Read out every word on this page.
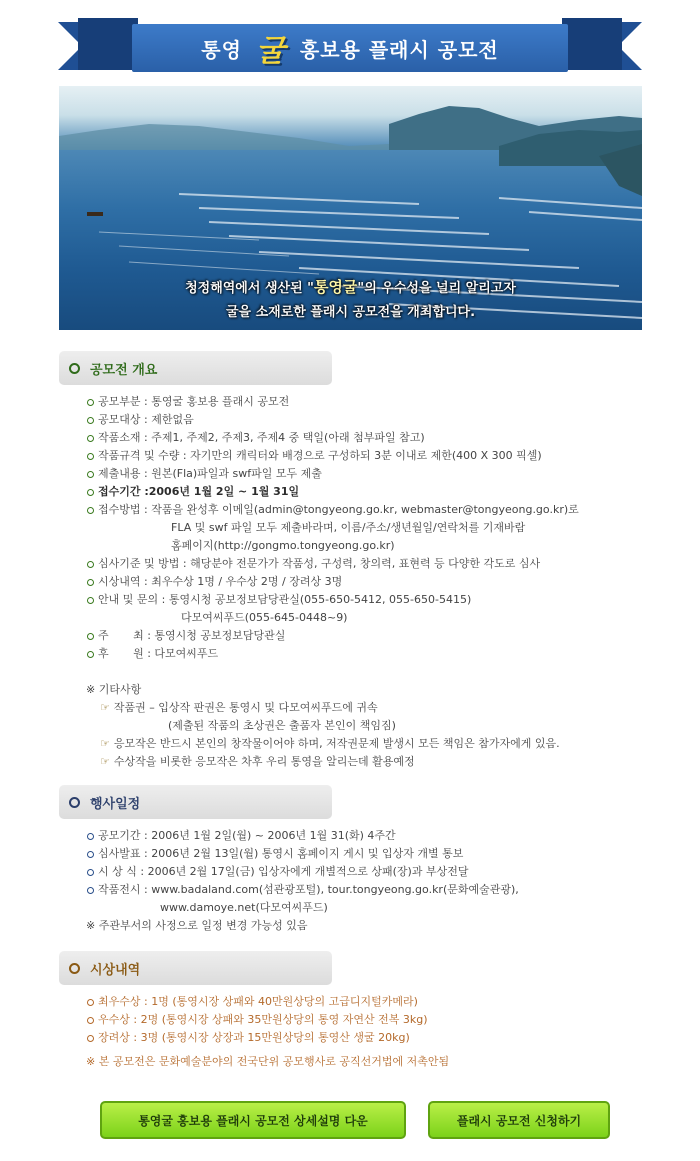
통영 굴 홍보용 플래시 공모전
청정해역에서 생산된 "통영굴"의 우수성을 널리 알리고자
굴을 소재로한 플래시 공모전을 개최합니다.
공모전 개요
공모부분 : 통영굴 홍보용 플래시 공모전
공모대상 : 제한없음
작품소재 : 주제1, 주제2, 주제3, 주제4 중 택일(아래 첨부파일 참고)
작품규격 및 수량 : 자기만의 캐릭터와 배경으로 구성하되 3분 이내로 제한(400 X 300 픽셀)
제출내용 : 원본(Fla)파일과 swf파일 모두 제출
접수기간 : 2006년 1월 2일 ~ 1월 31일
접수방법 : 작품을 완성후 이메일(admin@tongyeong.go.kr, webmaster@tongyeong.go.kr)로
FLA 및 swf 파일 모두 제출바라며, 이름/주소/생년월일/연락처를 기재바람
홈페이지(http://gongmo.tongyeong.go.kr)
심사기준 및 방법 : 해당분야 전문가가 작품성, 구성력, 창의력, 표현력 등 다양한 각도로 심사
시상내역 : 최우수상 1명 / 우수상 2명 / 장려상 3명
안내 및 문의 : 통영시청 공보정보담당관실(055-650-5412, 055-650-5415)
다모여씨푸드(055-645-0448~9)
주       최 : 통영시청 공보정보담당관실
후       원 : 다모여씨푸드
※ 기타사항
☞ 작품권 – 입상작 판권은 통영시 및 다모여씨푸드에 귀속
(제출된 작품의 초상권은 출품자 본인이 책임짐)
☞ 응모작은 반드시 본인의 창작물이어야 하며, 저작권문제 발생시 모든 책임은 참가자에게 있음.
☞ 수상작을 비롯한 응모작은 차후 우리 통영을 알리는데 활용예정
행사일정
공모기간 : 2006년 1월 2일(월) ~ 2006년 1월 31(화) 4주간
심사발표 : 2006년 2월 13일(월) 통영시 홈페이지 게시 및 입상자 개별 통보
시 상 식 : 2006년 2월 17일(금) 입상자에게 개별적으로 상패(장)과 부상전달
작품전시 : www.badaland.com(섬관광포털), tour.tongyeong.go.kr(문화예술관광),
www.damoye.net(다모여씨푸드)
※ 주관부서의 사정으로 일정 변경 가능성 있음
시상내역
최우수상 : 1명 (통영시장 상패와 40만원상당의 고급디지털카메라)
우수상 : 2명 (통영시장 상패와 35만원상당의 통영 자연산 전복 3kg)
장려상 : 3명 (통영시장 상장과 15만원상당의 통영산 생굴 20kg)
※ 본 공모전은 문화예술분야의 전국단위 공모행사로 공직선거법에 저촉안됨
통영굴 홍보용 플래시 공모전 상세설명 다운	플래시 공모전 신청하기
